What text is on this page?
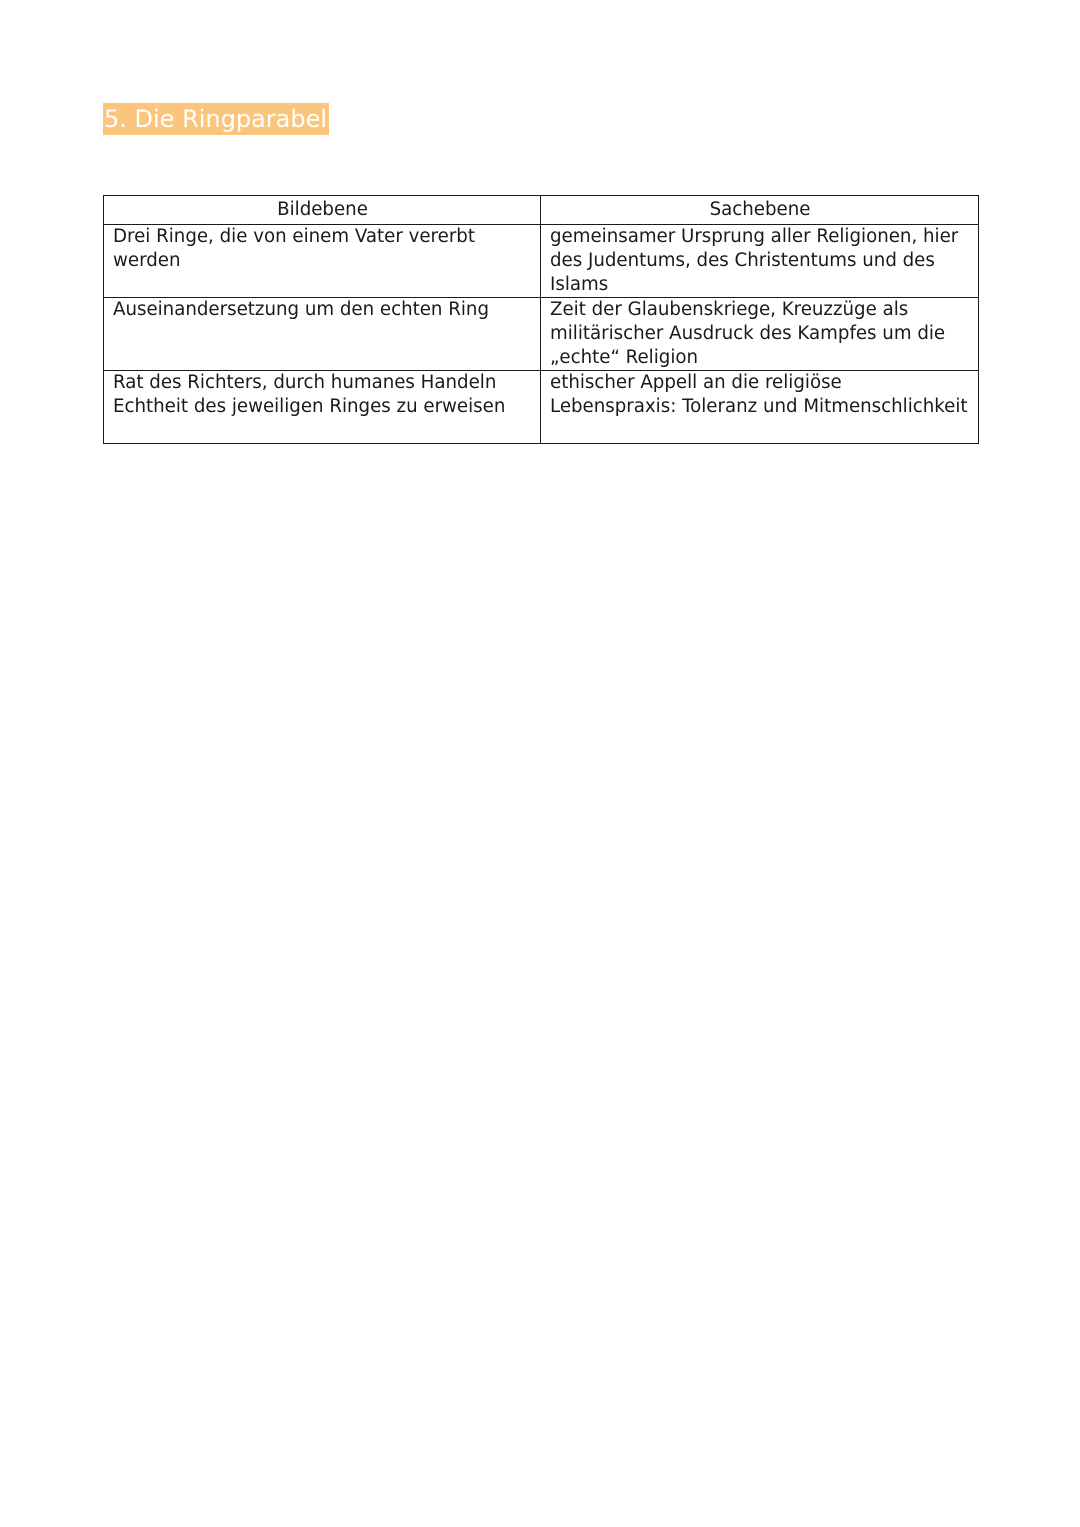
5. Die Ringparabel
Bildebene	Sachebene
Drei Ringe, die von einem Vater vererbt werden	gemeinsamer Ursprung aller Religionen, hier des Judentums, des Christentums und des Islams
Auseinandersetzung um den echten Ring	Zeit der Glaubenskriege, Kreuzzüge als militärischer Ausdruck des Kampfes um die „echte“ Religion
Rat des Richters, durch humanes Handeln Echtheit des jeweiligen Ringes zu erweisen	ethischer Appell an die religiöse Lebenspraxis: Toleranz und Mitmenschlichkeit
